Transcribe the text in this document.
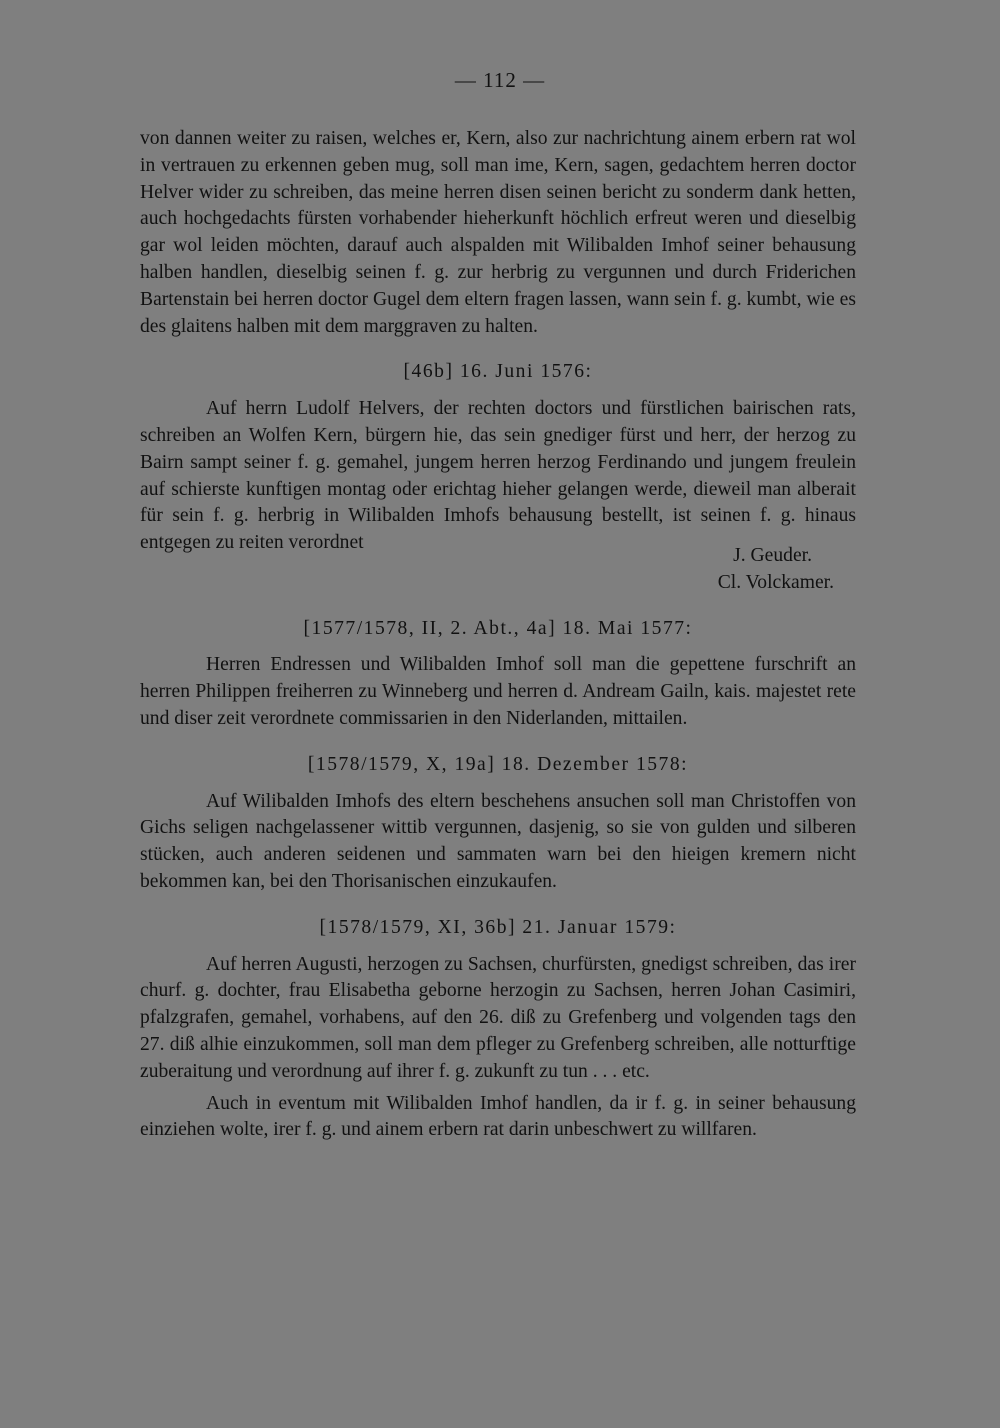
— 112 —

von dannen weiter zu raisen, welches er, Kern, also zur nachrichtung ainem erbern rat wol in vertrauen zu erkennen geben mug, soll man ime, Kern, sagen, gedachtem herren doctor Helver wider zu schreiben, das meine herren disen seinen bericht zu sonderm dank hetten, auch hochgedachts fürsten vorhabender hieherkunft höchlich erfreut weren und dieselbig gar wol leiden möchten, darauf auch alspalden mit Wilibalden Imhof seiner behausung halben handlen, dieselbig seinen f. g. zur herbrig zu vergunnen und durch Friderichen Bartenstain bei herren doctor Gugel dem eltern fragen lassen, wann sein f. g. kumbt, wie es des glaitens halben mit dem marggraven zu halten.

[46b] 16. Juni 1576:

Auf herrn Ludolf Helvers, der rechten doctors und fürstlichen bairischen rats, schreiben an Wolfen Kern, bürgern hie, das sein gnediger fürst und herr, der herzog zu Bairn sampt seiner f. g. gemahel, jungem herren herzog Ferdinando und jungem freulein auf schierste kunftigen montag oder erichtag hieher gelangen werde, dieweil man alberait für sein f. g. herbrig in Wilibalden Imhofs behausung bestellt, ist seinen f. g. hinaus entgegen zu reiten verordnet

J. Geuder.

Cl. Volckamer.

[1577/1578, II, 2. Abt., 4a] 18. Mai 1577:

Herren Endressen und Wilibalden Imhof soll man die gepettene furschrift an herren Philippen freiherren zu Winneberg und herren d. Andream Gailn, kais. majestet rete und diser zeit verordnete commissarien in den Niderlanden, mittailen.

[1578/1579, X, 19a] 18. Dezember 1578:

Auf Wilibalden Imhofs des eltern beschehens ansuchen soll man Christoffen von Gichs seligen nachgelassener wittib vergunnen, dasjenig, so sie von gulden und silberen stücken, auch anderen seidenen und sammaten warn bei den hieigen kremern nicht bekommen kan, bei den Thorisanischen einzukaufen.

[1578/1579, XI, 36b] 21. Januar 1579:

Auf herren Augusti, herzogen zu Sachsen, churfürsten, gnedigst schreiben, das irer churf. g. dochter, frau Elisabetha geborne herzogin zu Sachsen, herren Johan Casimiri, pfalzgrafen, gemahel, vorhabens, auf den 26. diß zu Grefenberg und volgenden tags den 27. diß alhie einzukommen, soll man dem pfleger zu Grefenberg schreiben, alle notturftige zuberaitung und verordnung auf ihrer f. g. zukunft zu tun . . . etc.

Auch in eventum mit Wilibalden Imhof handlen, da ir f. g. in seiner behausung einziehen wolte, irer f. g. und ainem erbern rat darin unbeschwert zu willfaren.
